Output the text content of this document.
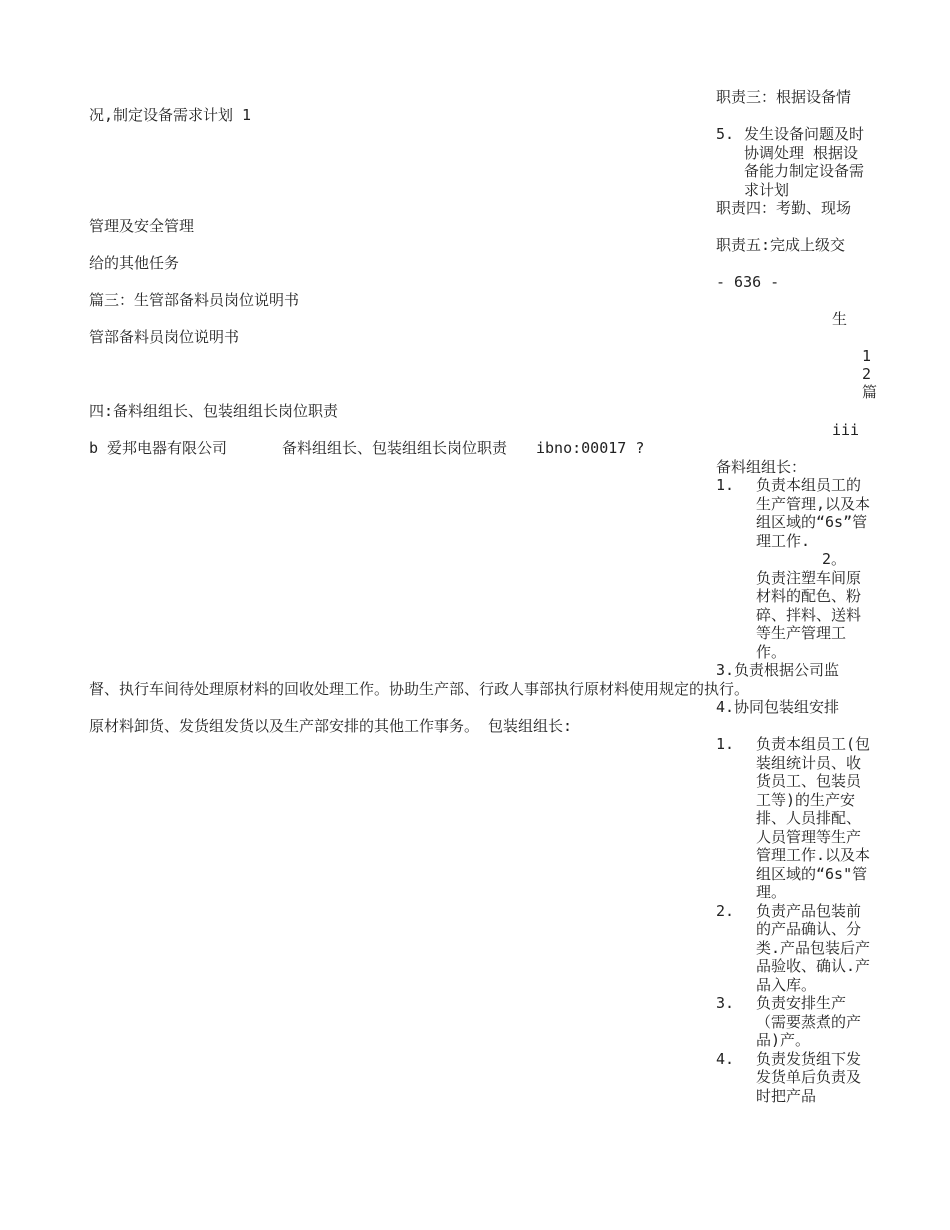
况,制定设备需求计划 1
管理及安全管理
给的其他任务
篇三：生管部备料员岗位说明书
管部备料员岗位说明书
四:备料组组长、包装组组长岗位职责
b 爱邦电器有限公司	备料组组长、包装组组长岗位职责 ibno:00017 ?
督、执行车间待处理原材料的回收处理工作。协助生产部、行政人事部执行原材料使用规定的执行。
原材料卸货、发货组发货以及生产部安排的其他工作事务。 包装组组长:
职责三：根据设备情
5. 发生设备问题及时协调处理 根据设备能力制定设备需求计划
职责四：考勤、现场
职责五:完成上级交
- 636 -
生
1
2
篇
iii
备料组组长：
1. 负责本组员工的生产管理,以及本组区域的“6s”管理工作.
2。
负责注塑车间原材料的配色、粉碎、拌料、送料等生产管理工作。
3.负责根据公司监
4.协同包装组安排
1. 负责本组员工(包装组统计员、收货员工、包装员工等)的生产安排、人员排配、人员管理等生产管理工作.以及本组区域的“6s"管理。
2. 负责产品包装前的产品确认、分类.产品包装后产品验收、确认.产品入库。
3. 负责安排生产（需要蒸煮的产品)产。
4. 负责发货组下发发货单后负责及时把产品
